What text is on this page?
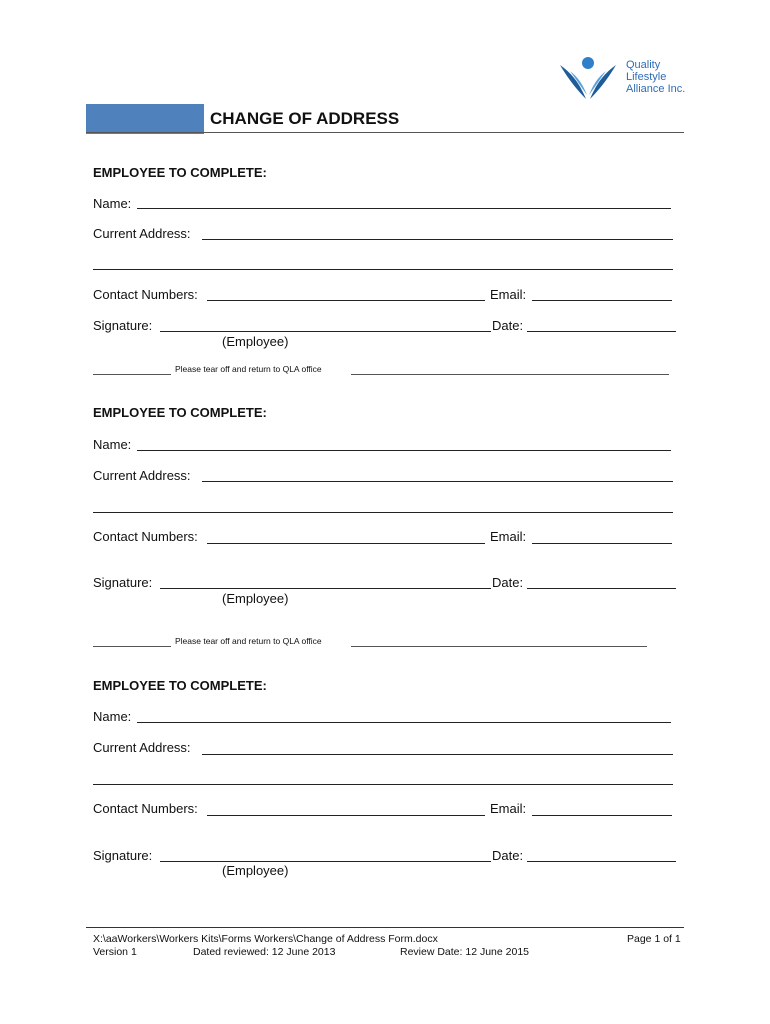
Quality
Lifestyle
Alliance Inc.
CHANGE OF ADDRESS
EMPLOYEE TO COMPLETE:
Name:
Current Address:
Contact Numbers:	Email:
Signature:	Date:
(Employee)
Please tear off and return to QLA office
EMPLOYEE TO COMPLETE:
Name:
Current Address:
Contact Numbers:	Email:
Signature:	Date:
(Employee)
Please tear off and return to QLA office
EMPLOYEE TO COMPLETE:
Name:
Current Address:
Contact Numbers:	Email:
Signature:	Date:
(Employee)
X:\aaWorkers\Workers Kits\Forms Workers\Change of Address Form.docx	Page 1 of 1
Version 1	Dated reviewed: 12 June 2013	Review Date: 12 June 2015
